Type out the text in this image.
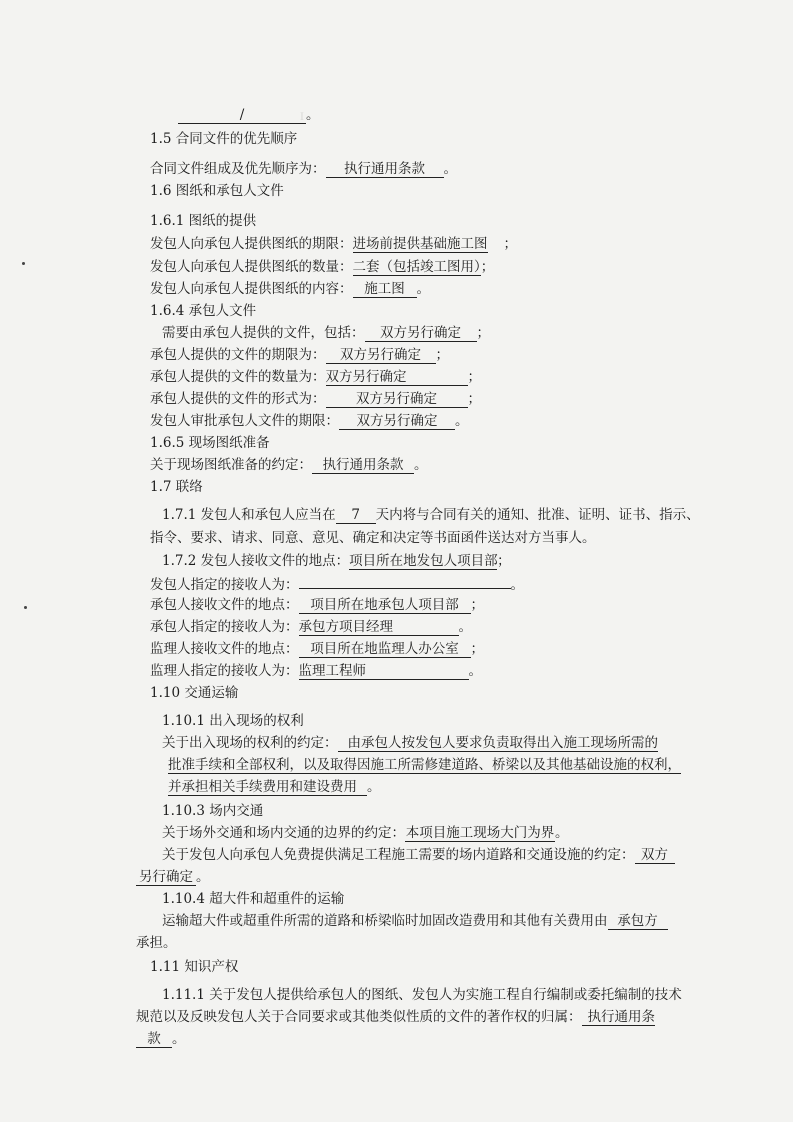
Ⅰ
/	。
1.5 合同文件的优先顺序
合同文件组成及优先顺序为： 执行通用条款 。
1.6 图纸和承包人文件
1.6.1 图纸的提供
发包人向承包人提供图纸的期限：进场前提供基础施工图 ；
发包人向承包人提供图纸的数量：二套（包括竣工图用）；
发包人向承包人提供图纸的内容： 施工图 。
1.6.4 承包人文件
需要由承包人提供的文件，包括： 双方另行确定 ；
承包人提供的文件的期限为： 双方另行确定 ；
承包人提供的文件的数量为：双方另行确定	；
承包人提供的文件的形式为： 双方另行确定 ；
发包人审批承包人文件的期限： 双方另行确定 。
1.6.5 现场图纸准备
关于现场图纸准备的约定： 执行通用条款 。
1.7 联络
1.7.1 发包人和承包人应当在 7 天内将与合同有关的通知、批准、证明、证书、指示、
指令、要求、请求、同意、意见、确定和决定等书面函件送达对方当事人。
1.7.2 发包人接收文件的地点：项目所在地发包人项目部；
发包人指定的接收人为：	。
承包人接收文件的地点： 项目所在地承包人项目部 ；
承包人指定的接收人为：承包方项目经理	。
监理人接收文件的地点： 项目所在地监理人办公室 ；
监理人指定的接收人为：监理工程师	。
1.10 交通运输
1.10.1 出入现场的权利
关于出入现场的权利的约定： 由承包人按发包人要求负责取得出入施工现场所需的
批准手续和全部权利，以及取得因施工所需修建道路、桥梁以及其他基础设施的权利，
并承担相关手续费用和建设费用 。
1.10.3 场内交通
关于场外交通和场内交通的边界的约定：本项目施工现场大门为界。
关于发包人向承包人免费提供满足工程施工需要的场内道路和交通设施的约定： 双方
另行确定 。
1.10.4 超大件和超重件的运输
运输超大件或超重件所需的道路和桥梁临时加固改造费用和其他有关费用由 承包方
承担。
1.11 知识产权
1.11.1 关于发包人提供给承包人的图纸、发包人为实施工程自行编制或委托编制的技术
规范以及反映发包人关于合同要求或其他类似性质的文件的著作权的归属： 执行通用条
款 。
